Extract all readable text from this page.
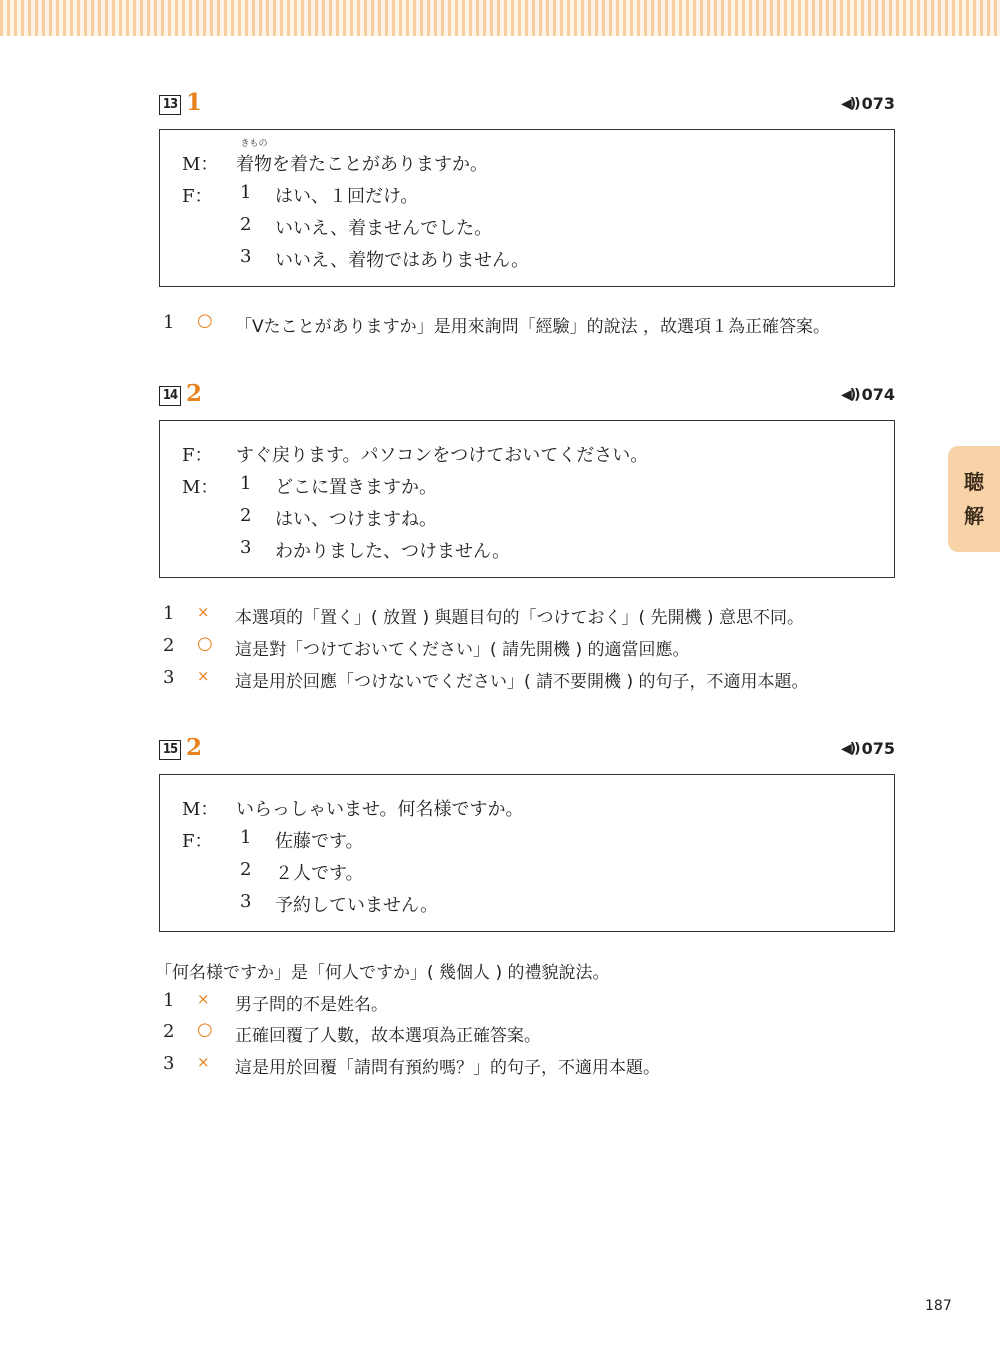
聴
解
13 1	◀︎)) 073
M：
きもの
着物を着たことがありますか。
F： 1 はい、１回だけ。
2 いいえ、着ませんでした。
3 いいえ、着物ではありません。
1 ○ 「Vたことがありますか」是用來詢問「經驗」的說法 ，故選項１為正確答案。
14 2	◀︎)) 074
F： すぐ戻ります。パソコンをつけておいてください。
M： 1 どこに置きますか。
2 はい、つけますね。
3 わかりました、つけません。
1 × 本選項的「置く」( 放置 ) 與題目句的「つけておく」( 先開機 ) 意思不同。
2 ○ 這是對「つけておいてください」( 請先開機 ) 的適當回應。
3 × 這是用於回應「つけないでください」( 請不要開機 ) 的句子，不適用本題。
15 2	◀︎)) 075
M： いらっしゃいませ。何名様ですか。
F： 1 佐藤です。
2 ２人です。
3 予約していません。
「何名様ですか」是「何人ですか」( 幾個人 ) 的禮貌說法。
1 × 男子問的不是姓名。
2 ○ 正確回覆了人數，故本選項為正確答案。
3 × 這是用於回覆「請問有預約嗎？」的句子，不適用本題。
187
